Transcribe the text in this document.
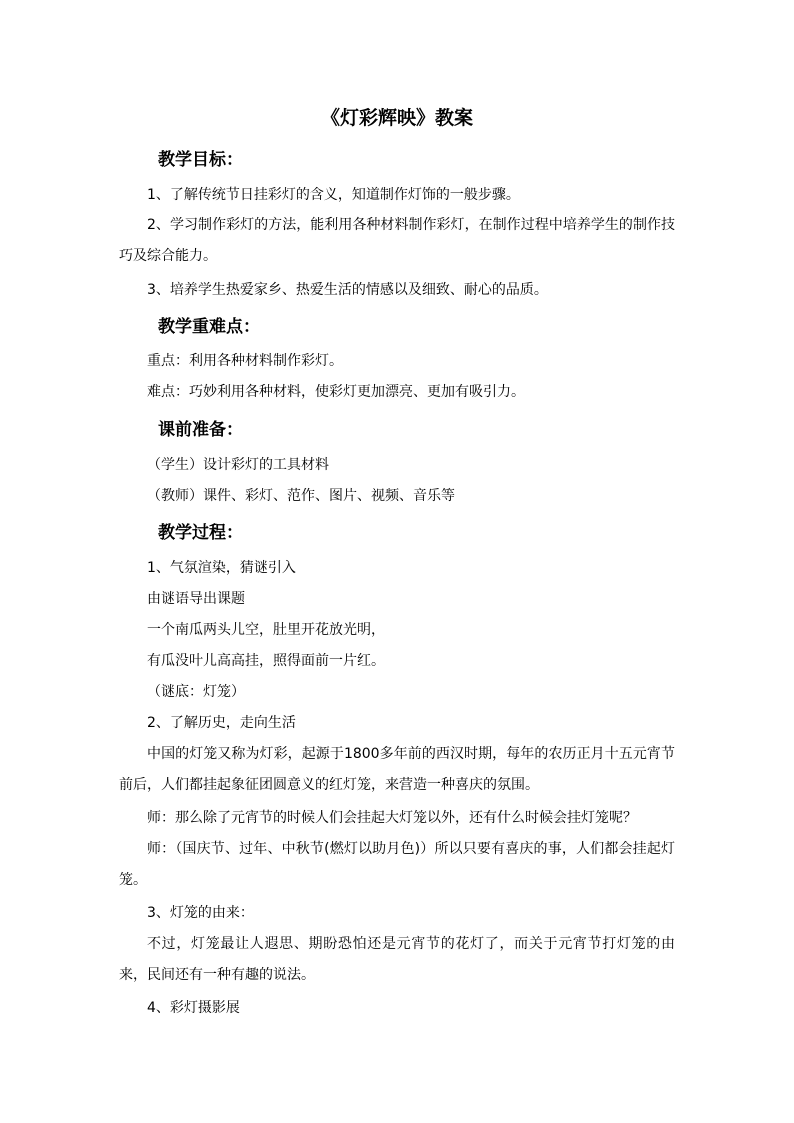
《灯彩辉映》教案
教学目标：
1、了解传统节日挂彩灯的含义，知道制作灯饰的一般步骤。
2、学习制作彩灯的方法，能利用各种材料制作彩灯，在制作过程中培养学生的制作技巧及综合能力。
3、培养学生热爱家乡、热爱生活的情感以及细致、耐心的品质。
教学重难点：
重点：利用各种材料制作彩灯。
难点：巧妙利用各种材料，使彩灯更加漂亮、更加有吸引力。
课前准备：
（学生）设计彩灯的工具材料
（教师）课件、彩灯、范作、图片、视频、音乐等
教学过程：
1、气氛渲染，猜谜引入
由谜语导出课题
一个南瓜两头儿空，肚里开花放光明，
有瓜没叶儿高高挂，照得面前一片红。
（谜底：灯笼）
2、了解历史，走向生活
中国的灯笼又称为灯彩，起源于1800多年前的西汉时期，每年的农历正月十五元宵节前后，人们都挂起象征团圆意义的红灯笼，来营造一种喜庆的氛围。
师：那么除了元宵节的时候人们会挂起大灯笼以外，还有什么时候会挂灯笼呢？
师：（国庆节、过年、中秋节(燃灯以助月色)）所以只要有喜庆的事，人们都会挂起灯笼。
3、灯笼的由来：
不过，灯笼最让人遐思、期盼恐怕还是元宵节的花灯了，而关于元宵节打灯笼的由来，民间还有一种有趣的说法。
4、彩灯摄影展
